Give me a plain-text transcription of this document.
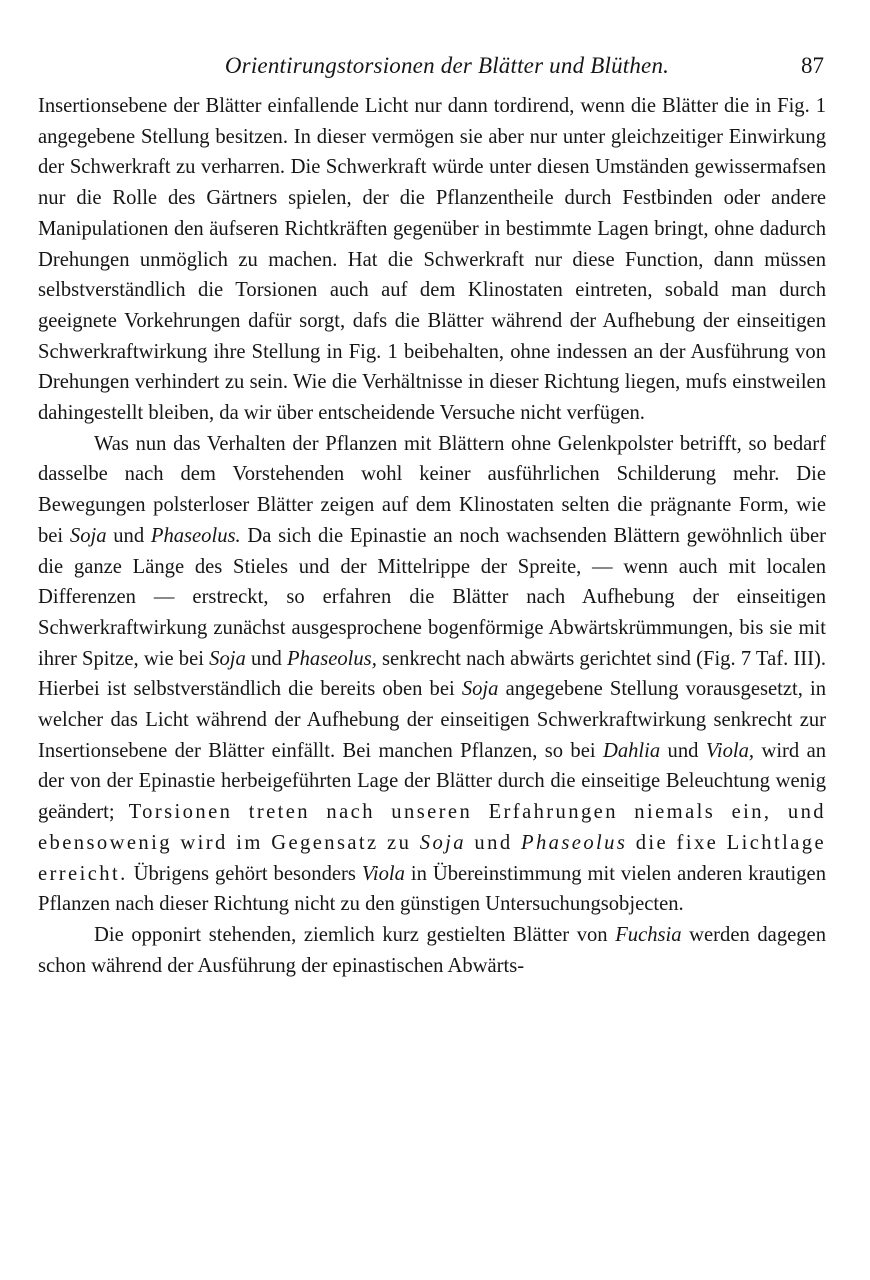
Orientirungstorsionen der Blätter und Blüthen.	87

Insertionsebene der Blätter einfallende Licht nur dann tordirend, wenn die Blätter die in Fig. 1 angegebene Stellung besitzen. In dieser vermögen sie aber nur unter gleichzeitiger Einwirkung der Schwerkraft zu verharren. Die Schwerkraft würde unter diesen Umständen gewissermafsen nur die Rolle des Gärtners spielen, der die Pflanzentheile durch Festbinden oder andere Manipulationen den äufseren Richtkräften gegenüber in bestimmte Lagen bringt, ohne dadurch Drehungen unmöglich zu machen. Hat die Schwerkraft nur diese Function, dann müssen selbstverständlich die Torsionen auch auf dem Klinostaten eintreten, sobald man durch geeignete Vorkehrungen dafür sorgt, dafs die Blätter während der Aufhebung der einseitigen Schwerkraftwirkung ihre Stellung in Fig. 1 beibehalten, ohne indessen an der Ausführung von Drehungen verhindert zu sein. Wie die Verhältnisse in dieser Richtung liegen, mufs einstweilen dahingestellt bleiben, da wir über entscheidende Versuche nicht verfügen.

Was nun das Verhalten der Pflanzen mit Blättern ohne Gelenkpolster betrifft, so bedarf dasselbe nach dem Vorstehenden wohl keiner ausführlichen Schilderung mehr. Die Bewegungen polsterloser Blätter zeigen auf dem Klinostaten selten die prägnante Form, wie bei Soja und Phaseolus. Da sich die Epinastie an noch wachsenden Blättern gewöhnlich über die ganze Länge des Stieles und der Mittelrippe der Spreite, — wenn auch mit localen Differenzen — erstreckt, so erfahren die Blätter nach Aufhebung der einseitigen Schwerkraftwirkung zunächst ausgesprochene bogenförmige Abwärtskrümmungen, bis sie mit ihrer Spitze, wie bei Soja und Phaseolus, senkrecht nach abwärts gerichtet sind (Fig. 7 Taf. III). Hierbei ist selbstverständlich die bereits oben bei Soja angegebene Stellung vorausgesetzt, in welcher das Licht während der Aufhebung der einseitigen Schwerkraftwirkung senkrecht zur Insertionsebene der Blätter einfällt. Bei manchen Pflanzen, so bei Dahlia und Viola, wird an der von der Epinastie herbeigeführten Lage der Blätter durch die einseitige Beleuchtung wenig geändert; Torsionen treten nach unseren Erfahrungen niemals ein, und ebensowenig wird im Gegensatz zu Soja und Phaseolus die fixe Lichtlage erreicht. Übrigens gehört besonders Viola in Übereinstimmung mit vielen anderen krautigen Pflanzen nach dieser Richtung nicht zu den günstigen Untersuchungsobjecten.

Die opponirt stehenden, ziemlich kurz gestielten Blätter von Fuchsia werden dagegen schon während der Ausführung der epinastischen Abwärts-
